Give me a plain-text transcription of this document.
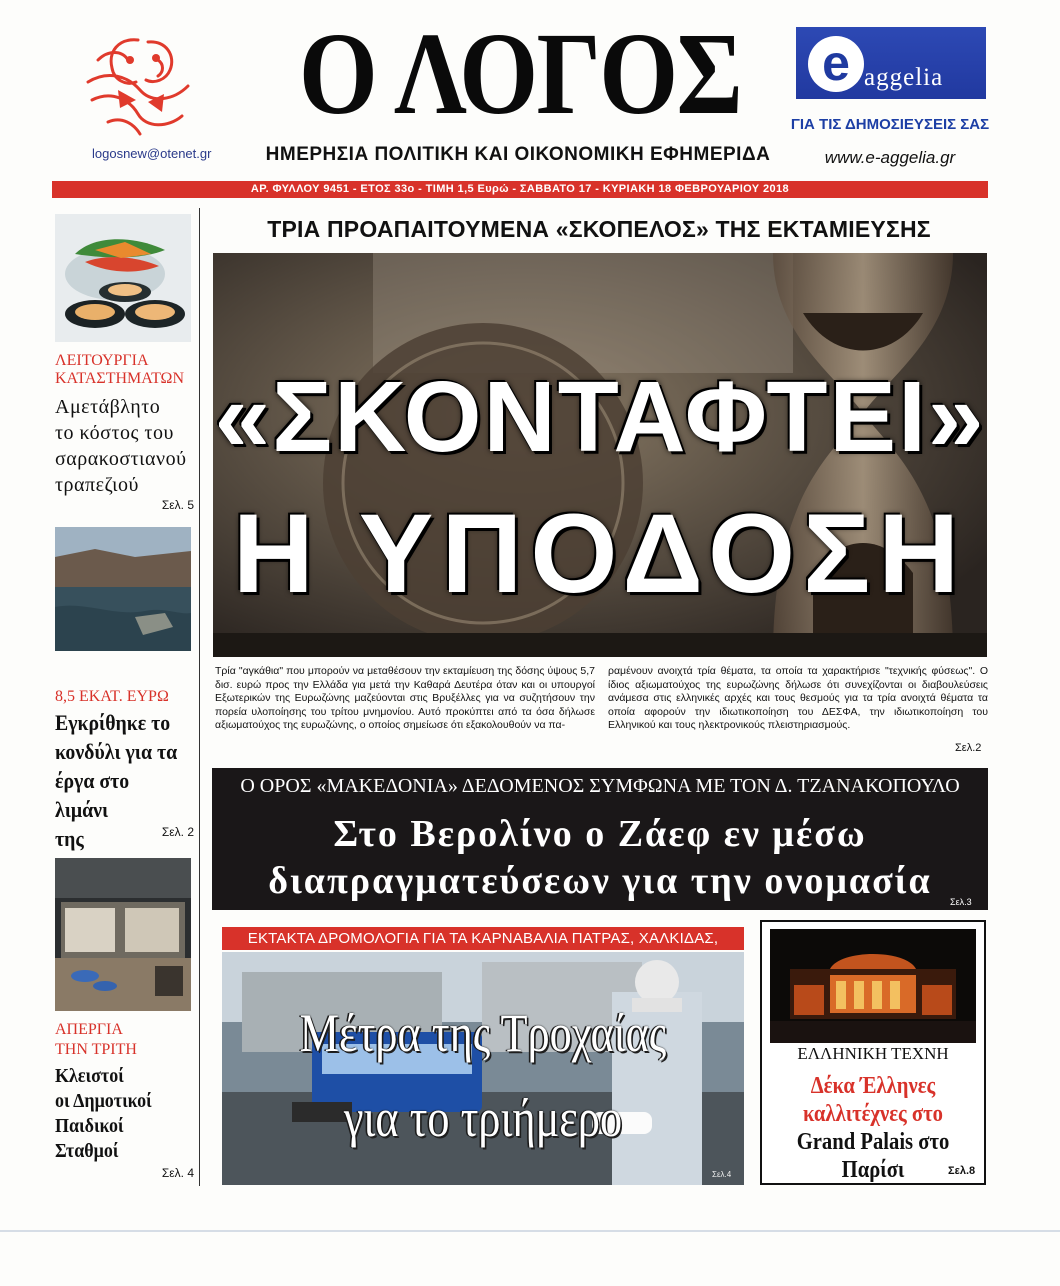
logosnew@otenet.gr
Ο ΛΟΓΟΣ
ΗΜΕΡΗΣΙΑ ΠΟΛΙΤΙΚΗ ΚΑΙ ΟΙΚΟΝΟΜΙΚΗ ΕΦΗΜΕΡΙΔΑ
e aggelia
ΓΙΑ ΤΙΣ ΔΗΜΟΣΙΕΥΣΕΙΣ ΣΑΣ
www.e-aggelia.gr
ΑΡ. ΦΥΛΛΟΥ 9451 - ΕΤΟΣ 33ο - ΤΙΜΗ 1,5 Ευρώ - ΣΑΒΒΑΤΟ 17 - ΚΥΡΙΑΚΗ 18 ΦΕΒΡΟΥΑΡΙΟΥ 2018
ΛΕΙΤΟΥΡΓΙΑ
ΚΑΤΑΣΤΗΜΑΤΩΝ
Αμετάβλητο
το κόστος του
σαρακοστιανού
τραπεζιού
Σελ. 5
8,5 ΕΚΑΤ. ΕΥΡΩ
Εγκρίθηκε το
κονδύλι για τα
έργα στο λιμάνι
της	Σελ. 2
ΑΠΕΡΓΙΑ
ΤΗΝ ΤΡΙΤΗ
Κλειστοί
οι Δημοτικοί
Παιδικοί
Σταθμοί
Σελ. 4
ΤΡΙΑ ΠΡΟΑΠΑΙΤΟΥΜΕΝΑ «ΣΚΟΠΕΛΟΣ» ΤΗΣ ΕΚΤΑΜΙΕΥΣΗΣ
«ΣΚΟΝΤΑΦΤΕΙ»
Η ΥΠΟΔΟΣΗ
Τρία "αγκάθια" που μπορούν να μεταθέσουν την εκταμίευση της δόσης ύψους 5,7 δισ. ευρώ προς την Ελλάδα για μετά την Καθαρά Δευτέρα όταν και οι υπουργοί Εξωτερικών της Ευρωζώνης μαζεύονται στις Βρυξέλλες για να συζητήσουν την πορεία υλοποίησης του τρίτου μνημονίου. Αυτό προκύπτει από τα όσα δήλωσε αξιωματούχος της ευρωζώνης, ο οποίος σημείωσε ότι εξακολουθούν να πα-
ραμένουν ανοιχτά τρία θέματα, τα οποία τα χαρακτήρισε "τεχνικής φύσεως". Ο ίδιος αξιωματούχος της ευρωζώνης δήλωσε ότι συνεχίζονται οι διαβουλεύσεις ανάμεσα στις ελληνικές αρχές και τους θεσμούς για τα τρία ανοιχτά θέματα τα οποία αφορούν την ιδιωτικοποίηση του ΔΕΣΦΑ, την ιδιωτικοποίηση του Ελληνικού και τους ηλεκτρονικούς πλειστηριασμούς.
Σελ.2
Ο ΟΡΟΣ «ΜΑΚΕΔΟΝΙΑ» ΔΕΔΟΜΕΝΟΣ ΣΥΜΦΩΝΑ ΜΕ ΤΟΝ Δ. ΤΖΑΝΑΚΟΠΟΥΛΟ
Στο Βερολίνο ο Ζάεφ εν μέσω
διαπραγματεύσεων για την ονομασία	Σελ.3
ΕΚΤΑΚΤΑ ΔΡΟΜΟΛΟΓΙΑ ΓΙΑ ΤΑ ΚΑΡΝΑΒΑΛΙΑ ΠΑΤΡΑΣ, ΧΑΛΚΙΔΑΣ,
Μέτρα της Τροχαίας
για το τριήμερο
Σελ.4
ΕΛΛΗΝΙΚΗ ΤΕΧΝΗ
Δέκα Έλληνες
καλλιτέχνες στο
Grand Palais στο Παρίσι	Σελ.8
